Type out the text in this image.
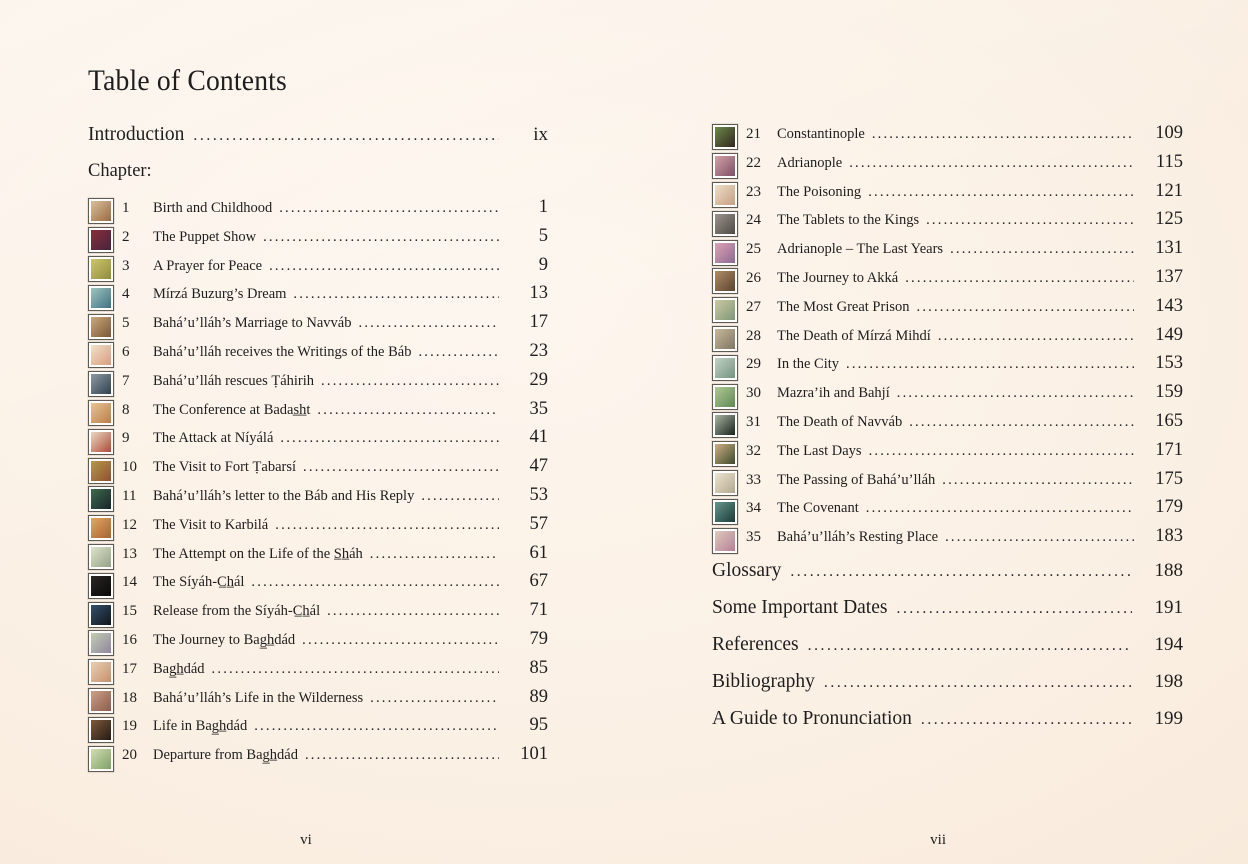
Table of Contents
Introduction .....	ix
Chapter:
1	Birth and Childhood .....	1
2	The Puppet Show .....	5
3	A Prayer for Peace .....	9
4	Mírzá Buzurg’s Dream .....	13
5	Bahá’u’lláh’s Marriage to Navváb .....	17
6	Bahá’u’lláh receives the Writings of the Báb .....	23
7	Bahá’u’lláh rescues Ṭáhirih .....	29
8	The Conference at Badas̲h̲t .....	35
9	The Attack at Níyálá .....	41
10	The Visit to Fort Ṭabarsí .....	47
11	Bahá’u’lláh’s letter to the Báb and His Reply .....	53
12	The Visit to Karbilá .....	57
13	The Attempt on the Life of the S̲h̲áh .....	61
14	The Síyáh-C̲h̲ál .....	67
15	Release from the Síyáh-C̲h̲ál .....	71
16	The Journey to Bag̲h̲dád .....	79
17	Bag̲h̲dád .....	85
18	Bahá’u’lláh’s Life in the Wilderness .....	89
19	Life in Bag̲h̲dád .....	95
20	Departure from Bag̲h̲dád .....	101
vi
21	Constantinople .....	109
22	Adrianople .....	115
23	The Poisoning .....	121
24	The Tablets to the Kings .....	125
25	Adrianople – The Last Years .....	131
26	The Journey to Akká .....	137
27	The Most Great Prison .....	143
28	The Death of Mírzá Mihdí .....	149
29	In the City .....	153
30	Mazra’ih and Bahjí .....	159
31	The Death of Navváb .....	165
32	The Last Days .....	171
33	The Passing of Bahá’u’lláh .....	175
34	The Covenant .....	179
35	Bahá’u’lláh’s Resting Place .....	183
Glossary .....	188
Some Important Dates .....	191
References .....	194
Bibliography .....	198
A Guide to Pronunciation .....	199
vii
